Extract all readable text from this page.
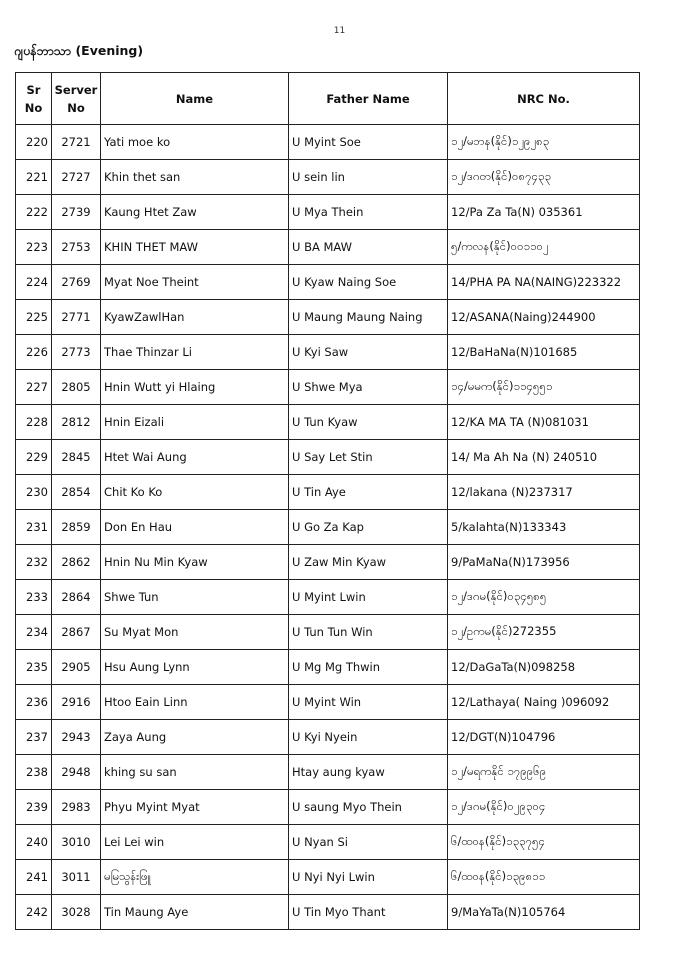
11
ဂျပန်ဘာသာ (Evening)
Sr No	Server No	Name	Father Name	NRC No.
220	2721	Yati moe ko	U Myint Soe	၁၂/မဘန(နိုင်)၁၂၉၂၈၃
221	2727	Khin thet san	U sein lin	၁၂/ဒဂတ(နိုင်)၀၈၇၄၃၃
222	2739	Kaung Htet Zaw	U Mya Thein	12/Pa Za Ta(N) 035361
223	2753	KHIN THET MAW	U BA MAW	၅/ကလန(နိုင်)၀၀၁၁၀၂
224	2769	Myat Noe Theint	U Kyaw Naing Soe	14/PHA PA NA(NAING)223322
225	2771	KyawZawlHan	U Maung Maung Naing	12/ASANA(Naing)244900
226	2773	Thae Thinzar Li	U Kyi Saw	12/BaHaNa(N)101685
227	2805	Hnin Wutt yi Hlaing	U Shwe Mya	၁၄/မမက(နိုင်)၁၁၄၅၅၁
228	2812	Hnin Eizali	U Tun Kyaw	12/KA MA TA (N)081031
229	2845	Htet Wai Aung	U Say Let Stin	14/ Ma Ah Na (N) 240510
230	2854	Chit Ko Ko	U Tin Aye	12/lakana (N)237317
231	2859	Don En Hau	U Go Za Kap	5/kalahta(N)133343
232	2862	Hnin Nu Min Kyaw	U Zaw Min Kyaw	9/PaMaNa(N)173956
233	2864	Shwe Tun	U Myint Lwin	၁၂/ဒဂမ(နိုင်)၀၃၄၅၈၅
234	2867	Su Myat Mon	U Tun Tun Win	၁၂/ဥကမ(နိုင်)272355
235	2905	Hsu Aung Lynn	U Mg Mg Thwin	12/DaGaTa(N)098258
236	2916	Htoo Eain Linn	U Myint Win	12/Lathaya( Naing )096092
237	2943	Zaya Aung	U Kyi Nyein	12/DGT(N)104796
238	2948	khing su san	Htay aung kyaw	၁၂/မရကနိုင် ၁၇၉၉၆၉
239	2983	Phyu Myint Myat	U saung Myo Thein	၁၂/ဒဂမ(နိုင်)၀၂၉၃၀၄
240	3010	Lei Lei win	U Nyan Si	၆/ထဝန(နိုင်)၁၃၃၇၅၄
241	3011	မမြသွန်းဖြူ	U Nyi Nyi Lwin	၆/ထဝန(နိုင်)၁၃၉၈၁၁
242	3028	Tin Maung Aye	U Tin Myo Thant	9/MaYaTa(N)105764
